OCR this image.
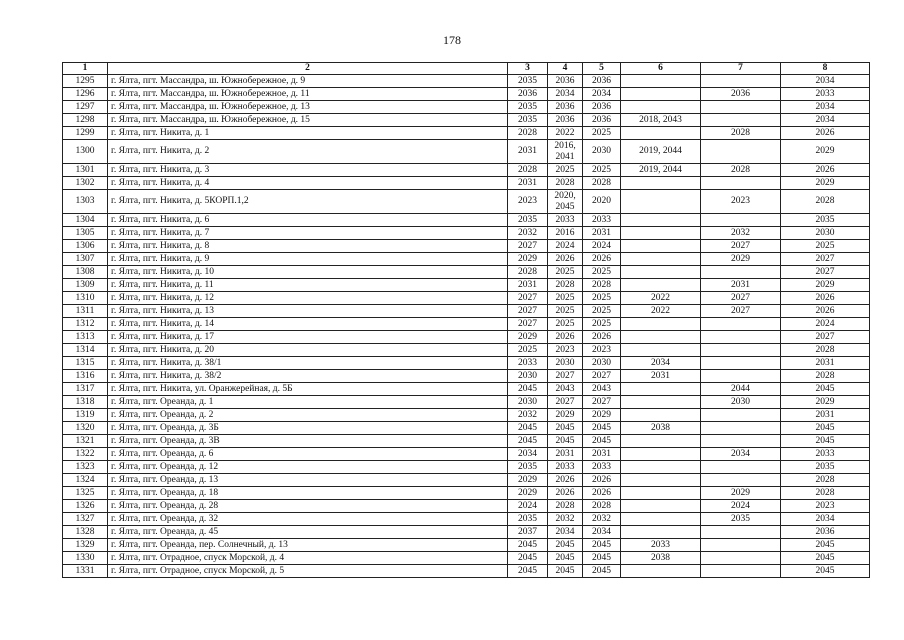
178
1	2	3	4	5	6	7	8
1295	г. Ялта, пгт. Массандра, ш. Южнобережное, д. 9	2035	2036	2036			2034
1296	г. Ялта, пгт. Массандра, ш. Южнобережное, д. 11	2036	2034	2034		2036	2033
1297	г. Ялта, пгт. Массандра, ш. Южнобережное, д. 13	2035	2036	2036			2034
1298	г. Ялта, пгт. Массандра, ш. Южнобережное, д. 15	2035	2036	2036	2018, 2043		2034
1299	г. Ялта, пгт. Никита, д. 1	2028	2022	2025		2028	2026
1300	г. Ялта, пгт. Никита, д. 2	2031	2016,
2041	2030	2019, 2044		2029
1301	г. Ялта, пгт. Никита, д. 3	2028	2025	2025	2019, 2044	2028	2026
1302	г. Ялта, пгт. Никита, д. 4	2031	2028	2028			2029
1303	г. Ялта, пгт. Никита, д. 5КОРП.1,2	2023	2020,
2045	2020		2023	2028
1304	г. Ялта, пгт. Никита, д. 6	2035	2033	2033			2035
1305	г. Ялта, пгт. Никита, д. 7	2032	2016	2031		2032	2030
1306	г. Ялта, пгт. Никита, д. 8	2027	2024	2024		2027	2025
1307	г. Ялта, пгт. Никита, д. 9	2029	2026	2026		2029	2027
1308	г. Ялта, пгт. Никита, д. 10	2028	2025	2025			2027
1309	г. Ялта, пгт. Никита, д. 11	2031	2028	2028		2031	2029
1310	г. Ялта, пгт. Никита, д. 12	2027	2025	2025	2022	2027	2026
1311	г. Ялта, пгт. Никита, д. 13	2027	2025	2025	2022	2027	2026
1312	г. Ялта, пгт. Никита, д. 14	2027	2025	2025			2024
1313	г. Ялта, пгт. Никита, д. 17	2029	2026	2026			2027
1314	г. Ялта, пгт. Никита, д. 20	2025	2023	2023			2028
1315	г. Ялта, пгт. Никита, д. 38/1	2033	2030	2030	2034		2031
1316	г. Ялта, пгт. Никита, д. 38/2	2030	2027	2027	2031		2028
1317	г. Ялта, пгт. Никита, ул. Оранжерейная, д. 5Б	2045	2043	2043		2044	2045
1318	г. Ялта, пгт. Ореанда, д. 1	2030	2027	2027		2030	2029
1319	г. Ялта, пгт. Ореанда, д. 2	2032	2029	2029			2031
1320	г. Ялта, пгт. Ореанда, д. 3Б	2045	2045	2045	2038		2045
1321	г. Ялта, пгт. Ореанда, д. 3В	2045	2045	2045			2045
1322	г. Ялта, пгт. Ореанда, д. 6	2034	2031	2031		2034	2033
1323	г. Ялта, пгт. Ореанда, д. 12	2035	2033	2033			2035
1324	г. Ялта, пгт. Ореанда, д. 13	2029	2026	2026			2028
1325	г. Ялта, пгт. Ореанда, д. 18	2029	2026	2026		2029	2028
1326	г. Ялта, пгт. Ореанда, д. 28	2024	2028	2028		2024	2023
1327	г. Ялта, пгт. Ореанда, д. 32	2035	2032	2032		2035	2034
1328	г. Ялта, пгт. Ореанда, д. 45	2037	2034	2034			2036
1329	г. Ялта, пгт. Ореанда, пер. Солнечный, д. 13	2045	2045	2045	2033		2045
1330	г. Ялта, пгт. Отрадное, спуск Морской, д. 4	2045	2045	2045	2038		2045
1331	г. Ялта, пгт. Отрадное, спуск Морской, д. 5	2045	2045	2045			2045
